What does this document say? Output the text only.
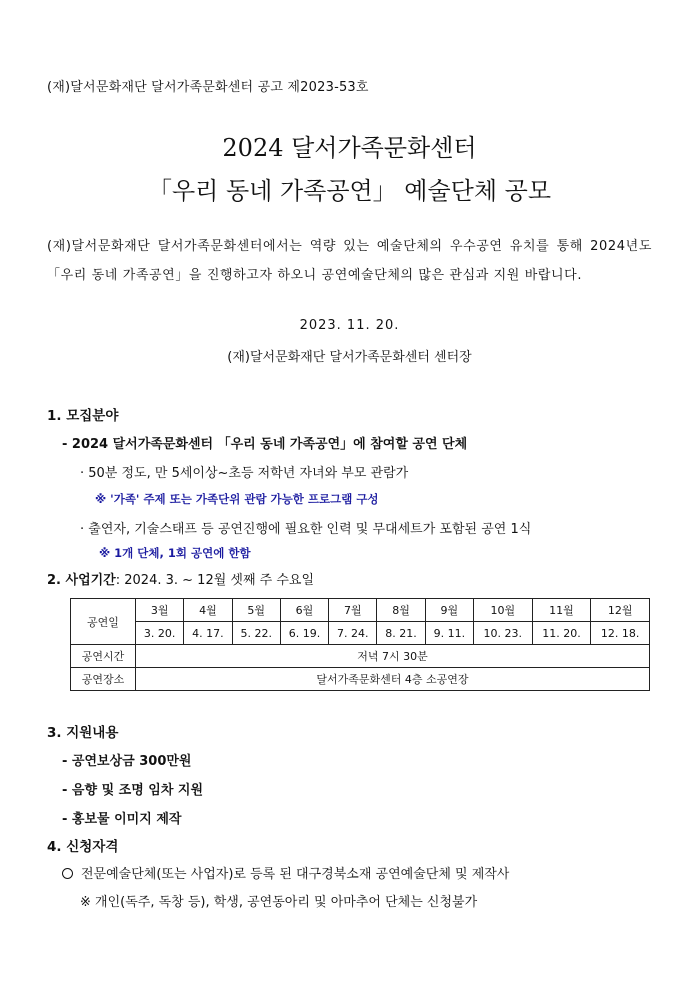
(재)달서문화재단 달서가족문화센터 공고 제2023-53호
2024 달서가족문화센터
「우리 동네 가족공연」 예술단체 공모
(재)달서문화재단 달서가족문화센터에서는 역량 있는 예술단체의 우수공연 유치를 통해 2024년도「우리 동네 가족공연」을 진행하고자 하오니 공연예술단체의 많은 관심과 지원 바랍니다.
2023. 11. 20.
(재)달서문화재단 달서가족문화센터 센터장
1. 모집분야
- 2024 달서가족문화센터 「우리 동네 가족공연」에 참여할 공연 단체
· 50분 정도, 만 5세이상~초등 저학년 자녀와 부모 관람가
※ '가족' 주제 또는 가족단위 관람 가능한 프로그램 구성
· 출연자, 기술스태프 등 공연진행에 필요한 인력 및 무대세트가 포함된 공연 1식
※ 1개 단체, 1회 공연에 한함
2. 사업기간: 2024. 3. ~ 12월 셋째 주 수요일
공연일	3월	4월	5월	6월	7월	8월	9월	10월	11월	12월
	3. 20.	4. 17.	5. 22.	6. 19.	7. 24.	8. 21.	9. 11.	10. 23.	11. 20.	12. 18.
공연시간	저녁 7시 30분									
공연장소	달서가족문화센터 4층 소공연장									
3. 지원내용
- 공연보상금 300만원
- 음향 및 조명 임차 지원
- 홍보물 이미지 제작
4. 신청자격
전문예술단체(또는 사업자)로 등록 된 대구경북소재 공연예술단체 및 제작사
※ 개인(독주, 독창 등), 학생, 공연동아리 및 아마추어 단체는 신청불가
